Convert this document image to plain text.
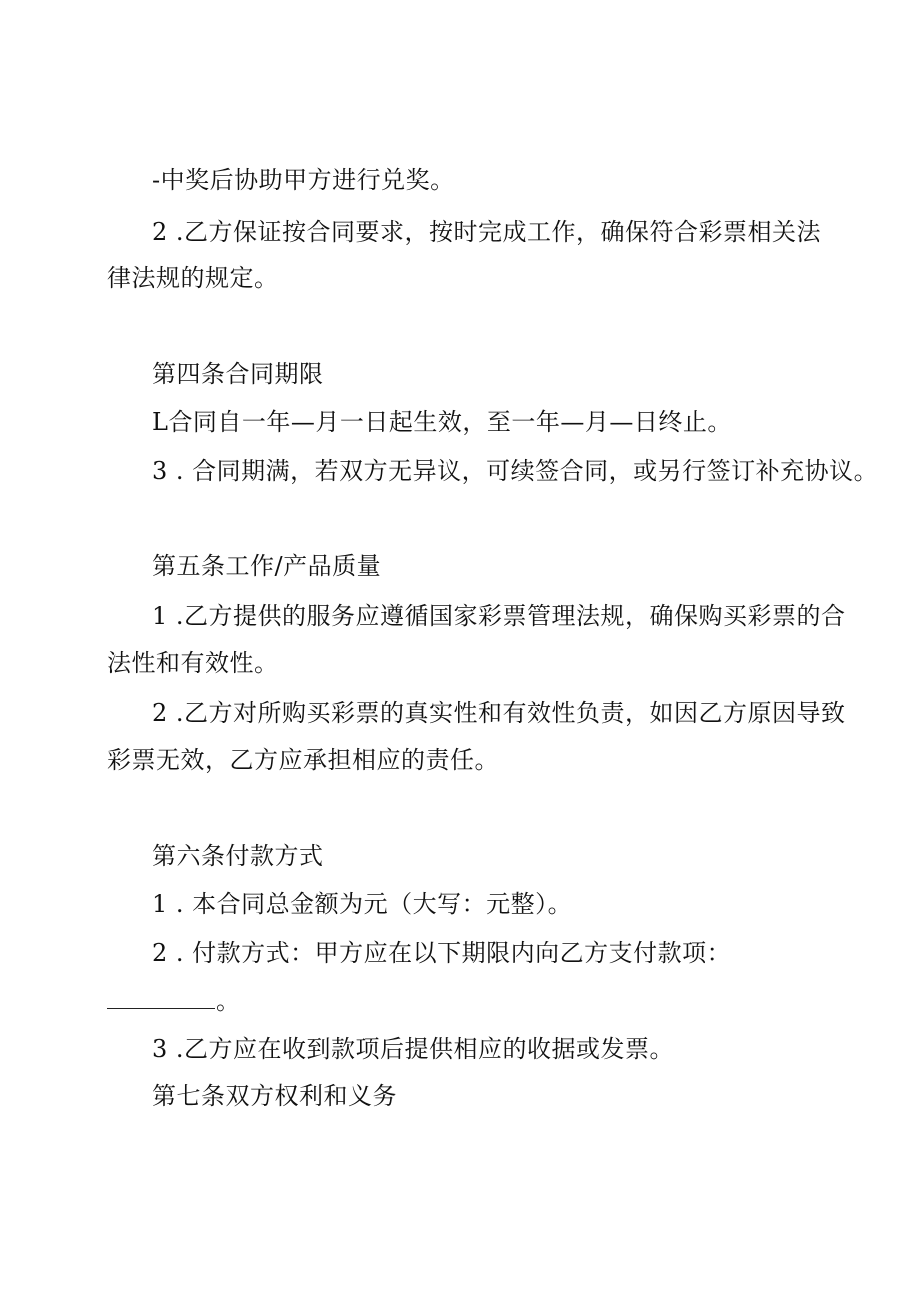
-中奖后协助甲方进行兑奖。
2 .乙方保证按合同要求，按时完成工作，确保符合彩票相关法
律法规的规定。
第四条合同期限
L合同自一年—月一日起生效，至一年—月—日终止。
3 . 合同期满，若双方无异议，可续签合同，或另行签订补充协议。
第五条工作/产品质量
1 .乙方提供的服务应遵循国家彩票管理法规，确保购买彩票的合
法性和有效性。
2 .乙方对所购买彩票的真实性和有效性负责，如因乙方原因导致
彩票无效，乙方应承担相应的责任。
第六条付款方式
1 . 本合同总金额为元（大写：元整）。
2 . 付款方式：甲方应在以下期限内向乙方支付款项：
。
3 .乙方应在收到款项后提供相应的收据或发票。
第七条双方权利和义务
